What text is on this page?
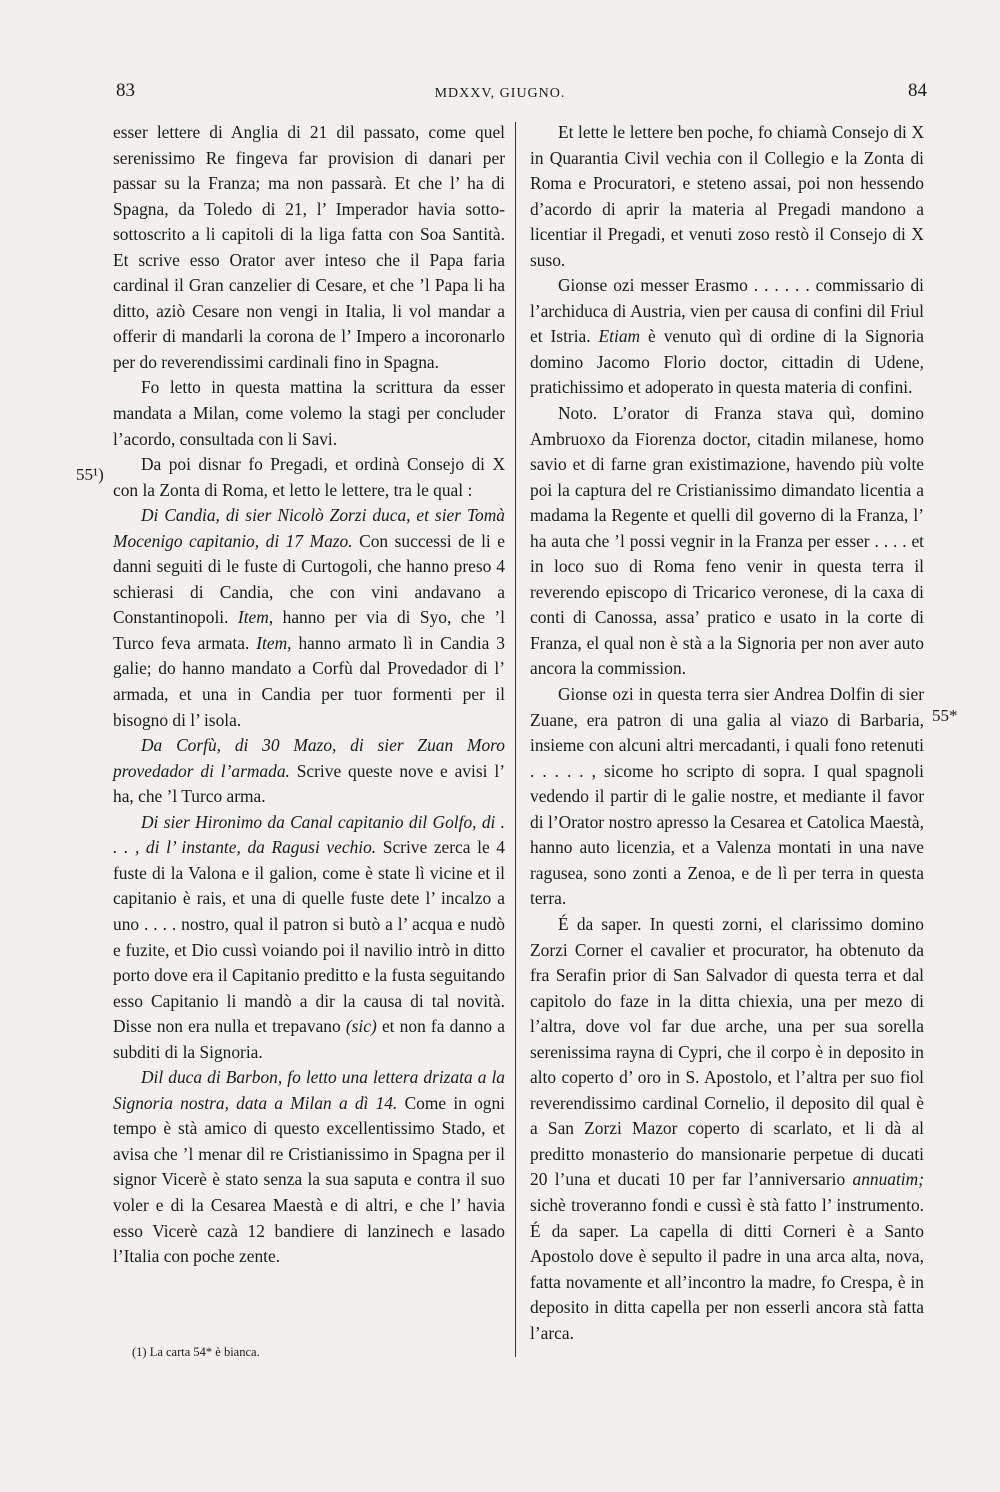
83	MDXXV, GIUGNO.	84
55¹)
55*

esser lettere di Anglia di 21 dil passato, come quel serenissimo Re fingeva far provision di danari per passar su la Franza; ma non passarà. Et che l’ ha di Spagna, da Toledo di 21, l’ Imperador havia sotto-sottoscrito a li capitoli di la liga fatta con Soa Santità. Et scrive esso Orator aver inteso che il Papa faria cardinal il Gran canzelier di Cesare, et che ’l Papa li ha ditto, aziò Cesare non vengi in Italia, li vol mandar a offerir di mandarli la corona de l’ Impero a incoronarlo per do reverendissimi cardinali fino in Spagna.

Fo letto in questa mattina la scrittura da esser mandata a Milan, come volemo la stagi per concluder l’acordo, consultada con li Savi.

Da poi disnar fo Pregadi, et ordinà Consejo di X con la Zonta di Roma, et letto le lettere, tra le qual :

Di Candia, di sier Nicolò Zorzi duca, et sier Tomà Mocenigo capitanio, di 17 Mazo. Con successi de li e danni seguiti di le fuste di Curtogoli, che hanno preso 4 schierasi di Candia, che con vini andavano a Constantinopoli. Item, hanno per via di Syo, che ’l Turco feva armata. Item, hanno armato lì in Candia 3 galie; do hanno mandato a Corfù dal Provedador di l’ armada, et una in Candia per tuor formenti per il bisogno di l’ isola.

Da Corfù, di 30 Mazo, di sier Zuan Moro provedador di l’armada. Scrive queste nove e avisi l’ ha, che ’l Turco arma.

Di sier Hironimo da Canal capitanio dil Golfo, di . . . , di l’ instante, da Ragusi vechio. Scrive zerca le 4 fuste di la Valona e il galion, come è state lì vicine et il capitanio è rais, et una di quelle fuste dete l’ incalzo a uno . . . . nostro, qual il patron si butò a l’ acqua e nudò e fuzite, et Dio cussì voiando poi il navilio intrò in ditto porto dove era il Capitanio preditto e la fusta seguitando esso Capitanio li mandò a dir la causa di tal novità. Disse non era nulla et trepavano (sic) et non fa danno a subditi di la Signoria.

Dil duca di Barbon, fo letto una lettera drizata a la Signoria nostra, data a Milan a dì 14. Come in ogni tempo è stà amico di questo excellentissimo Stado, et avisa che ’l menar dil re Cristianissimo in Spagna per il signor Vicerè è stato senza la sua saputa e contra il suo voler e di la Cesarea Maestà e di altri, e che l’ havia esso Vicerè cazà 12 bandiere di lanzinech e lasado l’Italia con poche zente.

Et lette le lettere ben poche, fo chiamà Consejo di X in Quarantia Civil vechia con il Collegio e la Zonta di Roma e Procuratori, e steteno assai, poi non hessendo d’acordo di aprir la materia al Pregadi mandono a licentiar il Pregadi, et venuti zoso restò il Consejo di X suso.

Gionse ozi messer Erasmo . . . . . . commissario di l’archiduca di Austria, vien per causa di confini dil Friul et Istria. Etiam è venuto quì di ordine di la Signoria domino Jacomo Florio doctor, cittadin di Udene, pratichissimo et adoperato in questa materia di confini.

Noto. L’orator di Franza stava quì, domino Ambruoxo da Fiorenza doctor, citadin milanese, homo savio et di farne gran existimazione, havendo più volte poi la captura del re Cristianissimo dimandato licentia a madama la Regente et quelli dil governo di la Franza, l’ ha auta che ’l possi vegnir in la Franza per esser . . . . et in loco suo di Roma feno venir in questa terra il reverendo episcopo di Tricarico veronese, di la caxa di conti di Canossa, assa’ pratico e usato in la corte di Franza, el qual non è stà a la Signoria per non aver auto ancora la commission.

Gionse ozi in questa terra sier Andrea Dolfin di sier Zuane, era patron di una galia al viazo di Barbaria, insieme con alcuni altri mercadanti, i quali fono retenuti . . . . . , sicome ho scripto di sopra. I qual spagnoli vedendo il partir di le galie nostre, et mediante il favor di l’Orator nostro apresso la Cesarea et Catolica Maestà, hanno auto licenzia, et a Valenza montati in una nave ragusea, sono zonti a Zenoa, e de lì per terra in questa terra.

É da saper. In questi zorni, el clarissimo domino Zorzi Corner el cavalier et procurator, ha obtenuto da fra Serafin prior di San Salvador di questa terra et dal capitolo do faze in la ditta chiexia, una per mezo di l’altra, dove vol far due arche, una per sua sorella serenissima rayna di Cypri, che il corpo è in deposito in alto coperto d’ oro in S. Apostolo, et l’altra per suo fiol reverendissimo cardinal Cornelio, il deposito dil qual è a San Zorzi Mazor coperto di scarlato, et li dà al preditto monasterio do mansionarie perpetue di ducati 20 l’una et ducati 10 per far l’anniversario annuatim; sichè troveranno fondi e cussì è stà fatto l’ instrumento. É da saper. La capella di ditti Corneri è a Santo Apostolo dove è sepulto il padre in una arca alta, nova, fatta novamente et all’incontro la madre, fo Crespa, è in deposito in ditta capella per non esserli ancora stà fatta l’arca.

(1) La carta 54* è bianca.
